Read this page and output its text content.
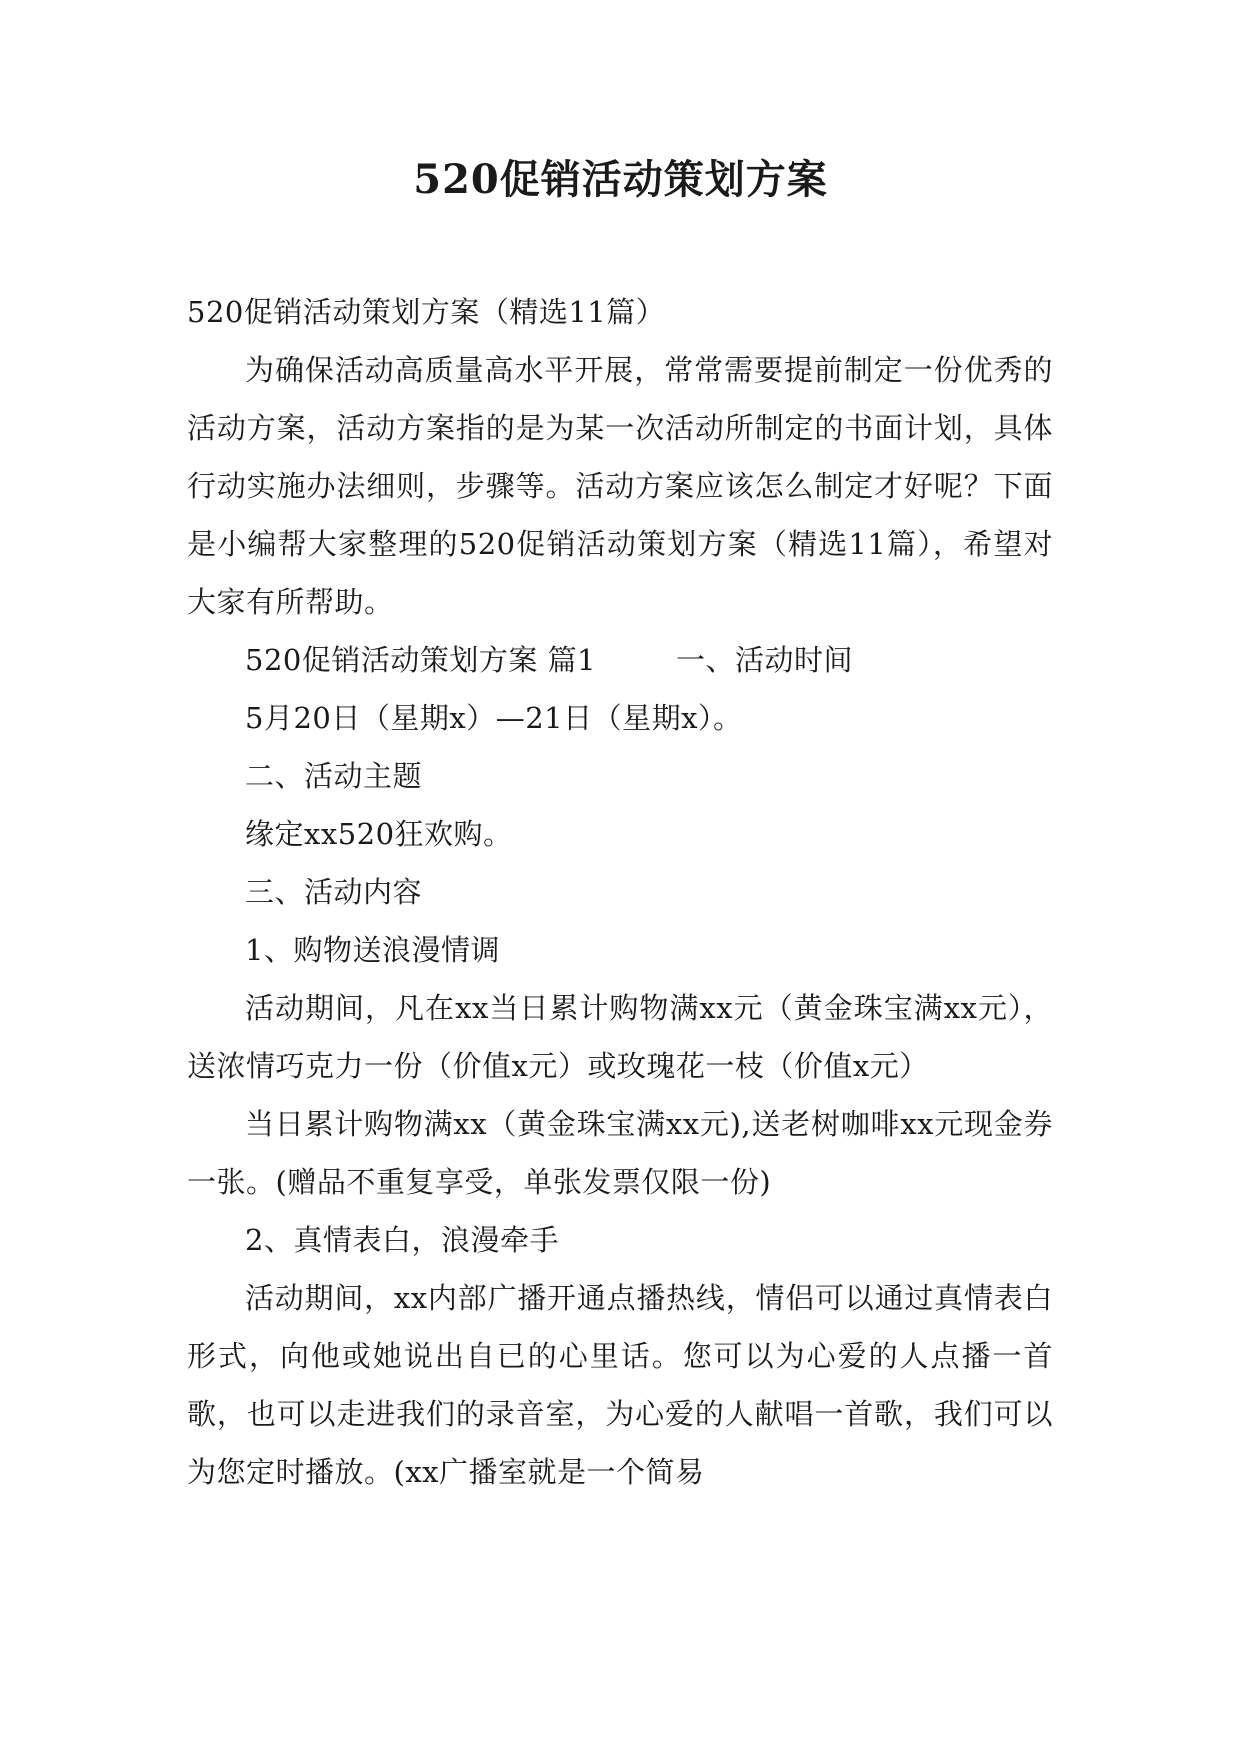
520促销活动策划方案

520促销活动策划方案（精选11篇）

为确保活动高质量高水平开展，常常需要提前制定一份优秀的活动方案，活动方案指的是为某一次活动所制定的书面计划，具体行动实施办法细则，步骤等。活动方案应该怎么制定才好呢？下面是小编帮大家整理的520促销活动策划方案（精选11篇），希望对大家有所帮助。

520促销活动策划方案 篇1	一、活动时间

5月20日（星期x）—21日（星期x）。

二、活动主题

缘定xx520狂欢购。

三、活动内容

1、购物送浪漫情调

活动期间，凡在xx当日累计购物满xx元（黄金珠宝满xx元），送浓情巧克力一份（价值x元）或玫瑰花一枝（价值x元）

当日累计购物满xx（黄金珠宝满xx元),送老树咖啡xx元现金券一张。(赠品不重复享受，单张发票仅限一份)

2、真情表白，浪漫牵手

活动期间，xx内部广播开通点播热线，情侣可以通过真情表白形式，向他或她说出自已的心里话。您可以为心爱的人点播一首歌，也可以走进我们的录音室，为心爱的人献唱一首歌，我们可以为您定时播放。(xx广播室就是一个简易
